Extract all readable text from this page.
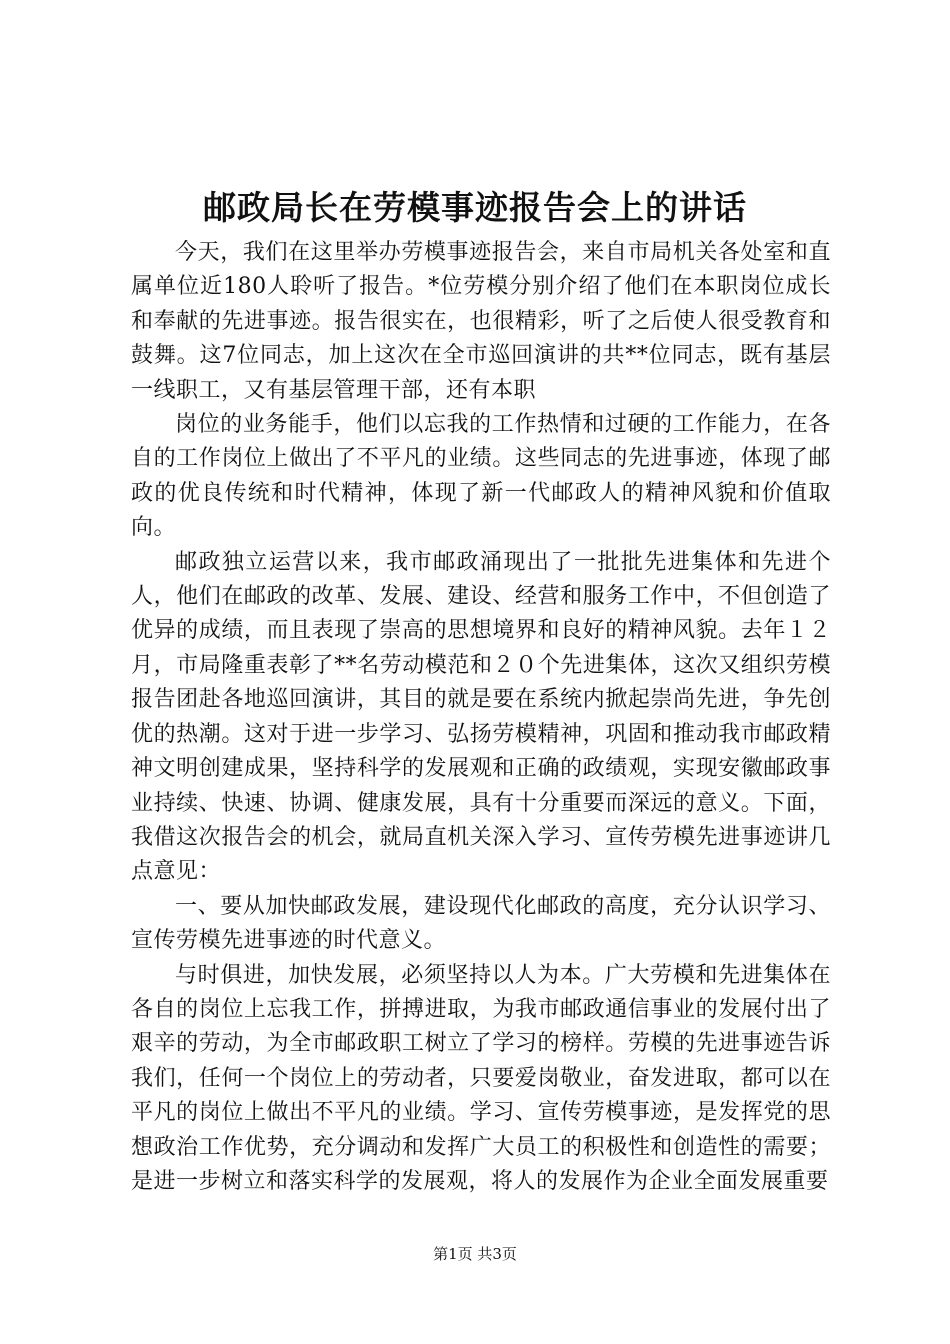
邮政局长在劳模事迹报告会上的讲话

今天，我们在这里举办劳模事迹报告会，来自市局机关各处室和直属单位近180人聆听了报告。*位劳模分别介绍了他们在本职岗位成长和奉献的先进事迹。报告很实在，也很精彩，听了之后使人很受教育和鼓舞。这7位同志，加上这次在全市巡回演讲的共**位同志，既有基层一线职工，又有基层管理干部，还有本职

岗位的业务能手，他们以忘我的工作热情和过硬的工作能力，在各自的工作岗位上做出了不平凡的业绩。这些同志的先进事迹，体现了邮政的优良传统和时代精神，体现了新一代邮政人的精神风貌和价值取向。

邮政独立运营以来，我市邮政涌现出了一批批先进集体和先进个人，他们在邮政的改革、发展、建设、经营和服务工作中，不但创造了优异的成绩，而且表现了崇高的思想境界和良好的精神风貌。去年１２月，市局隆重表彰了**名劳动模范和２０个先进集体，这次又组织劳模报告团赴各地巡回演讲，其目的就是要在系统内掀起崇尚先进，争先创优的热潮。这对于进一步学习、弘扬劳模精神，巩固和推动我市邮政精神文明创建成果，坚持科学的发展观和正确的政绩观，实现安徽邮政事业持续、快速、协调、健康发展，具有十分重要而深远的意义。下面，我借这次报告会的机会，就局直机关深入学习、宣传劳模先进事迹讲几点意见：

一、要从加快邮政发展，建设现代化邮政的高度，充分认识学习、宣传劳模先进事迹的时代意义。

与时俱进，加快发展，必须坚持以人为本。广大劳模和先进集体在各自的岗位上忘我工作，拼搏进取，为我市邮政通信事业的发展付出了艰辛的劳动，为全市邮政职工树立了学习的榜样。劳模的先进事迹告诉我们，任何一个岗位上的劳动者，只要爱岗敬业，奋发进取，都可以在平凡的岗位上做出不平凡的业绩。学习、宣传劳模事迹，是发挥党的思想政治工作优势，充分调动和发挥广大员工的积极性和创造性的需要；是进一步树立和落实科学的发展观，将人的发展作为企业全面发展重要

第1页 共3页
